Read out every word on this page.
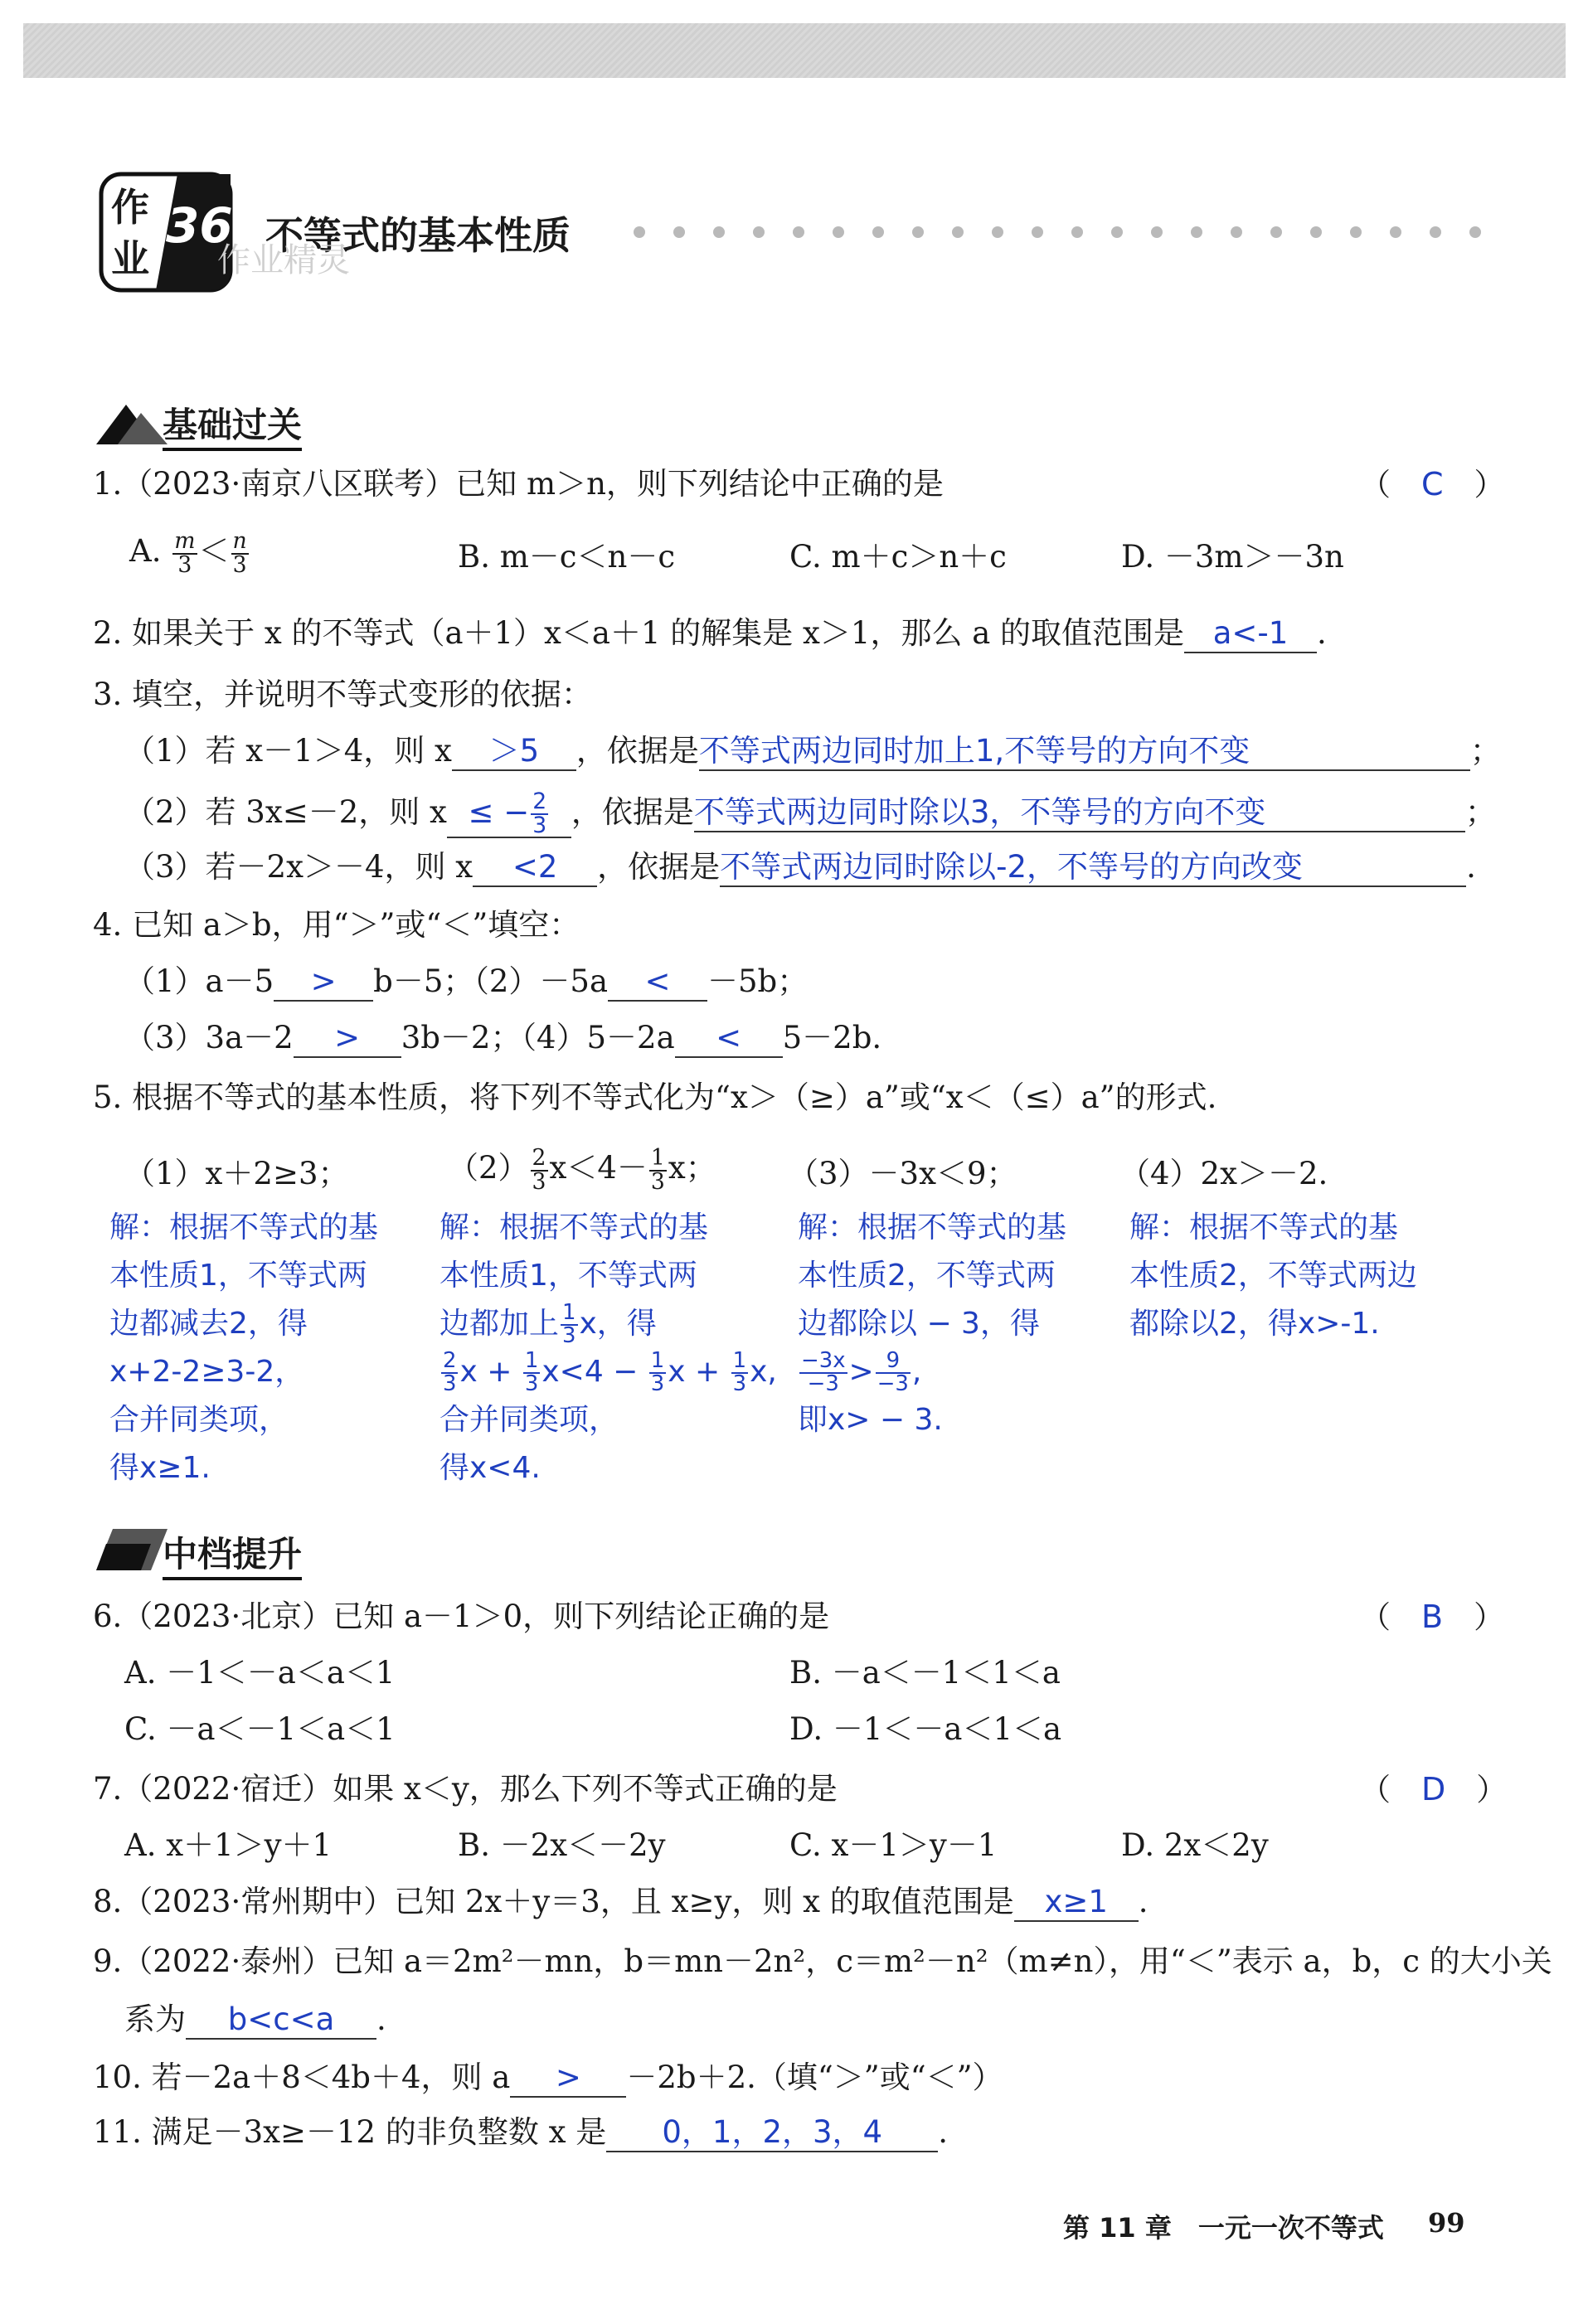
作
业
36 不等式的基本性质
作业精灵
基础过关
1.（2023·南京八区联考）已知 m＞n，则下列结论中正确的是	（　C　）
A. $\frac{m}{3} < \frac{n}{3}$	B. m－c＜n－c	C. m＋c＞n＋c	D. －3m＞－3n
2. 如果关于 x 的不等式（a＋1）x＜a＋1 的解集是 x＞1，那么 a 的取值范围是 a<-1 .
3. 填空，并说明不等式变形的依据：
（1）若 x－1＞4，则 x ＞5 ，依据是不等式两边同时加上1,不等号的方向不变	；
（2）若 3x≤－2，则 x ≤ − $\frac{2}{3}$ ，依据是不等式两边同时除以3，不等号的方向不变	；
（3）若－2x＞－4，则 x <2 ，依据是不等式两边同时除以-2，不等号的方向改变	.
4. 已知 a＞b，用“＞”或“＜”填空：
（1）a－5 > b－5；（2）－5a < －5b；
（3）3a－2 > 3b－2；（4）5－2a < 5－2b.
5. 根据不等式的基本性质，将下列不等式化为“x＞（≥）a”或“x＜（≤）a”的形式.
（1）x＋2≥3；	$(2) \frac{2}{3} x<4- \frac{1}{3}$ x； （3）－3x＜9；	（4）2x＞－2.
解：根据不等式的基
本性质1，不等式两
边都减去2，得
x+2-2≥3-2，
合并同类项，
得x≥1.
解：根据不等式的基
本性质1，不等式两
边都加上 $\frac{1}{3}$ x，得
$\frac{2}{3}$ $x + \frac{1}{3} x<4 - \frac{1}{3}$ $x + \frac{1}{3} x$,
合并同类项，
得x<4.
解：根据不等式的基
本性质2，不等式两
边都除以 − 3，得
$\frac{-3x}{-3} > \frac{9}{-3}$ ,
即x> − 3.
解：根据不等式的基
本性质2，不等式两边
都除以2，得x>-1.
中档提升
6.（2023·北京）已知 a－1＞0，则下列结论正确的是	（　B　）
A. －1＜－a＜a＜1	B. －a＜－1＜1＜a
C. －a＜－1＜a＜1	D. －1＜－a＜1＜a
7.（2022·宿迁）如果 x＜y，那么下列不等式正确的是	（　D　）
A. x＋1＞y＋1	B. －2x＜－2y	C. x－1＞y－1	D. 2x＜2y
8.（2023·常州期中）已知 2x＋y＝3，且 x≥y，则 x 的取值范围是 x≥1 .
9.（2022·泰州）已知 a＝2m²－mn，b＝mn－2n²，c＝m²－n²（m≠n），用“＜”表示 a，b，c 的大小关
系为 b<c<a .
10. 若－2a＋8＜4b＋4，则 a > －2b＋2.（填“＞”或“＜”）
11. 满足－3x≥－12 的非负整数 x 是 0，1，2，3，4 .
第 11 章　一元一次不等式 99
